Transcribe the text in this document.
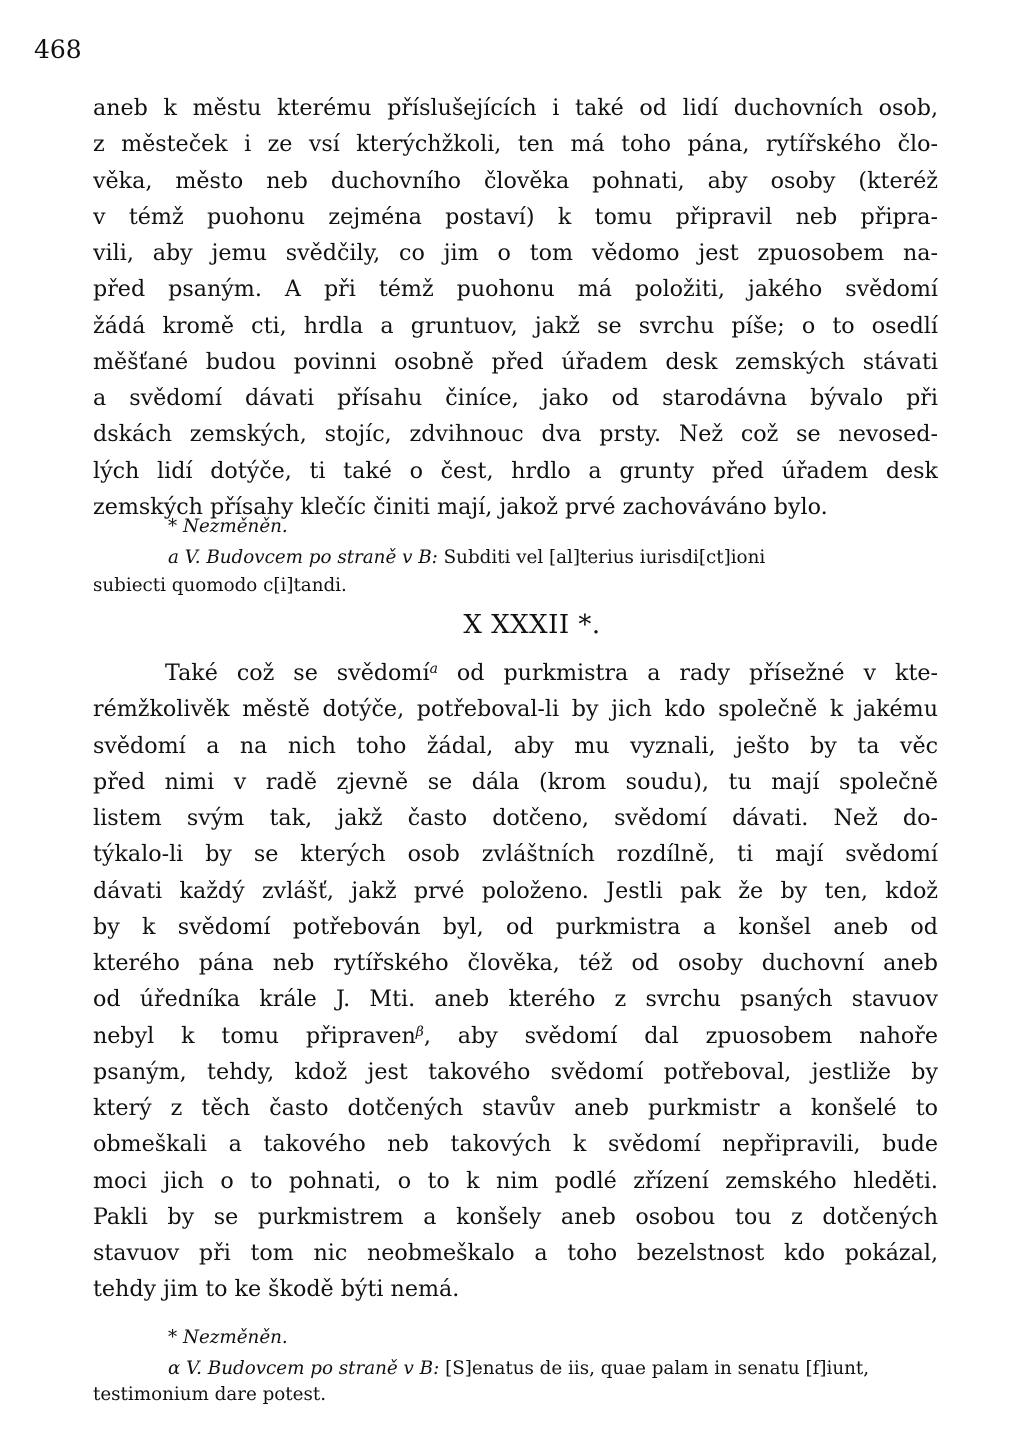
468
aneb k městu kterému příslušejících i také od lidí duchovních osob,
z městeček i ze vsí kterýchžkoli, ten má toho pána, rytířského člo-
věka, město neb duchovního člověka pohnati, aby osoby (kteréž
v témž puohonu zejména postaví) k tomu připravil neb připra-
vili, aby jemu svědčily, co jim o tom vědomo jest zpuosobem na-
před psaným. A při témž puohonu má položiti, jakého svědomí
žádá kromě cti, hrdla a gruntuov, jakž se svrchu píše; o to osedlí
měšťané budou povinni osobně před úřadem desk zemských stávati
a svědomí dávati přísahu činíce, jako od starodávna bývalo při
dskách zemských, stojíc, zdvihnouc dva prsty. Než což se nevosed-
lých lidí dotýče, ti také o čest, hrdlo a grunty před úřadem desk
zemských přísahy klečíc činiti mají, jakož prvé zachováváno bylo.
* Nezměněn.
a V. Budovcem po straně v B: Subditi vel [al]terius iurisdi[ct]ioni
subiecti quomodo c[i]tandi.
X XXXII *.
Také což se svědomí$^a$ od purkmistra a rady přísežné v kte-
rémžkolivěk městě dotýče, potřeboval-li by jich kdo společně k jakému
svědomí a na nich toho žádal, aby mu vyznali, ješto by ta věc
před nimi v radě zjevně se dála (krom soudu), tu mají společně
listem svým tak, jakž často dotčeno, svědomí dávati. Než do-
týkalo-li by se kterých osob zvláštních rozdílně, ti mají svědomí
dávati každý zvlášť, jakž prvé položeno. Jestli pak že by ten, kdož
by k svědomí potřebován byl, od purkmistra a konšel aneb od
kterého pána neb rytířského člověka, též od osoby duchovní aneb
od úředníka krále J. Mti. aneb kterého z svrchu psaných stavuov
nebyl k tomu připraven$^\beta$, aby svědomí dal zpuosobem nahoře
psaným, tehdy, kdož jest takového svědomí potřeboval, jestliže by
který z těch často dotčených stavův aneb purkmistr a konšelé to
obmeškali a takového neb takových k svědomí nepřipravili, bude
moci jich o to pohnati, o to k nim podlé zřízení zemského hleděti.
Pakli by se purkmistrem a konšely aneb osobou tou z dotčených
stavuov při tom nic neobmeškalo a toho bezelstnost kdo pokázal,
tehdy jim to ke škodě býti nemá.
* Nezměněn.
α V. Budovcem po straně v B: [S]enatus de iis, quae palam in senatu [f]iunt,
testimonium dare potest.
